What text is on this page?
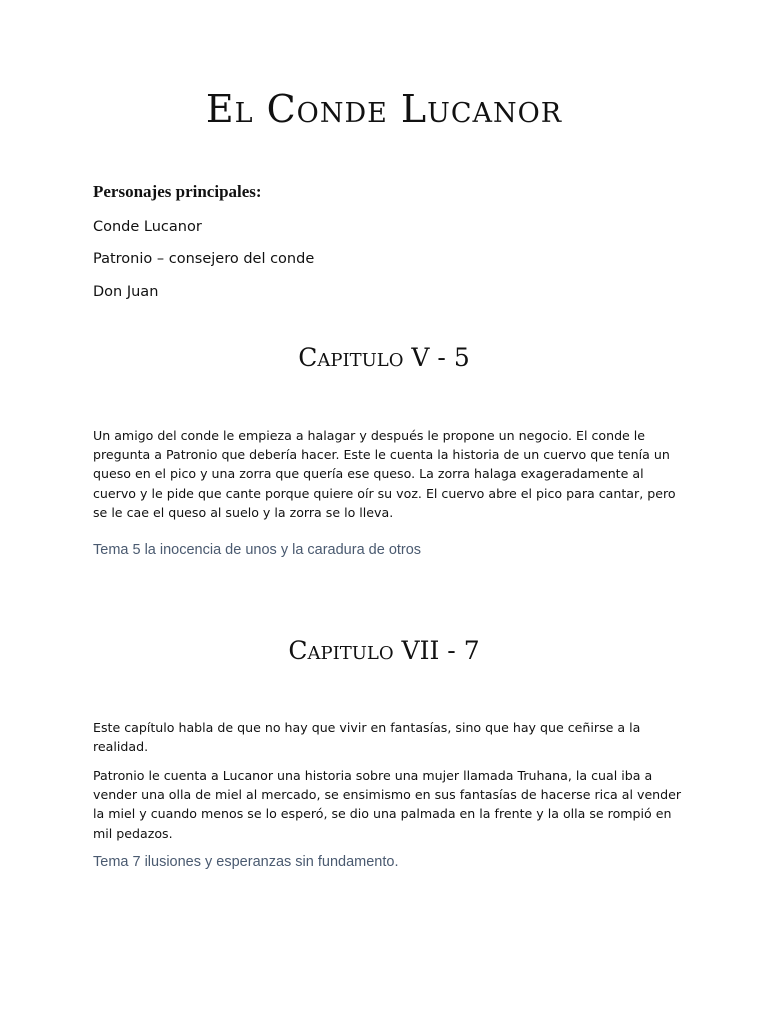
El Conde Lucanor
Personajes principales:

Conde Lucanor

Patronio – consejero del conde

Don Juan

Capitulo V - 5

Un amigo del conde le empieza a halagar y después le propone un negocio. El conde le pregunta a Patronio que debería hacer. Este le cuenta la historia de un cuervo que tenía un queso en el pico y una zorra que quería ese queso. La zorra halaga exageradamente al cuervo y le pide que cante porque quiere oír su voz. El cuervo abre el pico para cantar, pero se le cae el queso al suelo y la zorra se lo lleva.

Tema 5 la inocencia de unos y la caradura de otros

Capitulo VII - 7

Este capítulo habla de que no hay que vivir en fantasías, sino que hay que ceñirse a la realidad.

Patronio le cuenta a Lucanor una historia sobre una mujer llamada Truhana, la cual iba a vender una olla de miel al mercado, se ensimismo en sus fantasías de hacerse rica al vender la miel y cuando menos se lo esperó, se dio una palmada en la frente y la olla se rompió en mil pedazos.

Tema 7 ilusiones y esperanzas sin fundamento.
